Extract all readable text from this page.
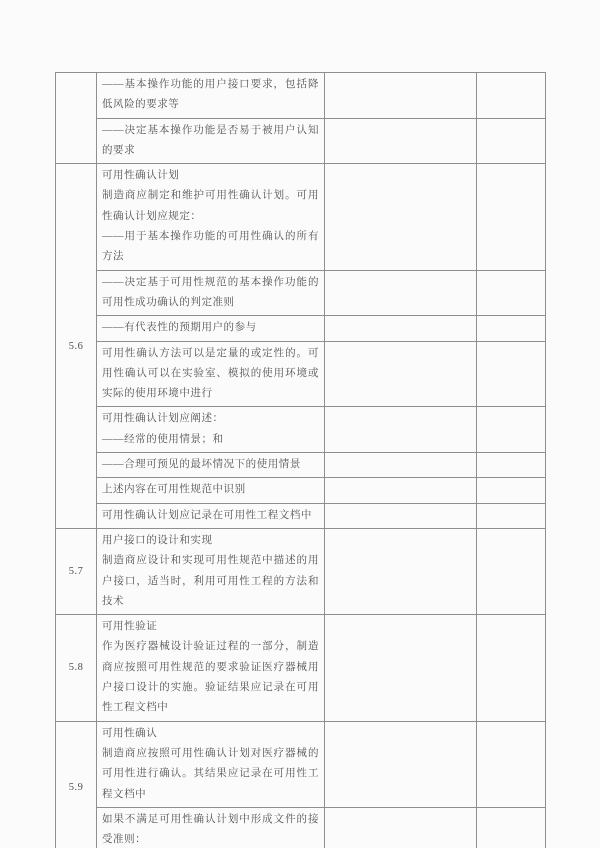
	——基本操作功能的用户接口要求，包括降低风险的要求等		

	——决定基本操作功能是否易于被用户认知的要求		

5.6	可用性确认计划
制造商应制定和维护可用性确认计划。可用性确认计划应规定：
——用于基本操作功能的可用性确认的所有方法		

	——决定基于可用性规范的基本操作功能的可用性成功确认的判定准则		

	——有代表性的预期用户的参与		

	可用性确认方法可以是定量的或定性的。可用性确认可以在实验室、模拟的使用环境或实际的使用环境中进行		

	可用性确认计划应阐述：
——经常的使用情景；和		

	——合理可预见的最坏情况下的使用情景		

	上述内容在可用性规范中识别		

	可用性确认计划应记录在可用性工程文档中		

5.7	用户接口的设计和实现
制造商应设计和实现可用性规范中描述的用户接口，适当时，利用可用性工程的方法和技术		

5.8	可用性验证
作为医疗器械设计验证过程的一部分，制造商应按照可用性规范的要求验证医疗器械用户接口设计的实施。验证结果应记录在可用性工程文档中		

5.9	可用性确认
制造商应按照可用性确认计划对医疗器械的可用性进行确认。其结果应记录在可用性工程文档中		

	如果不满足可用性确认计划中形成文件的接受准则：		
